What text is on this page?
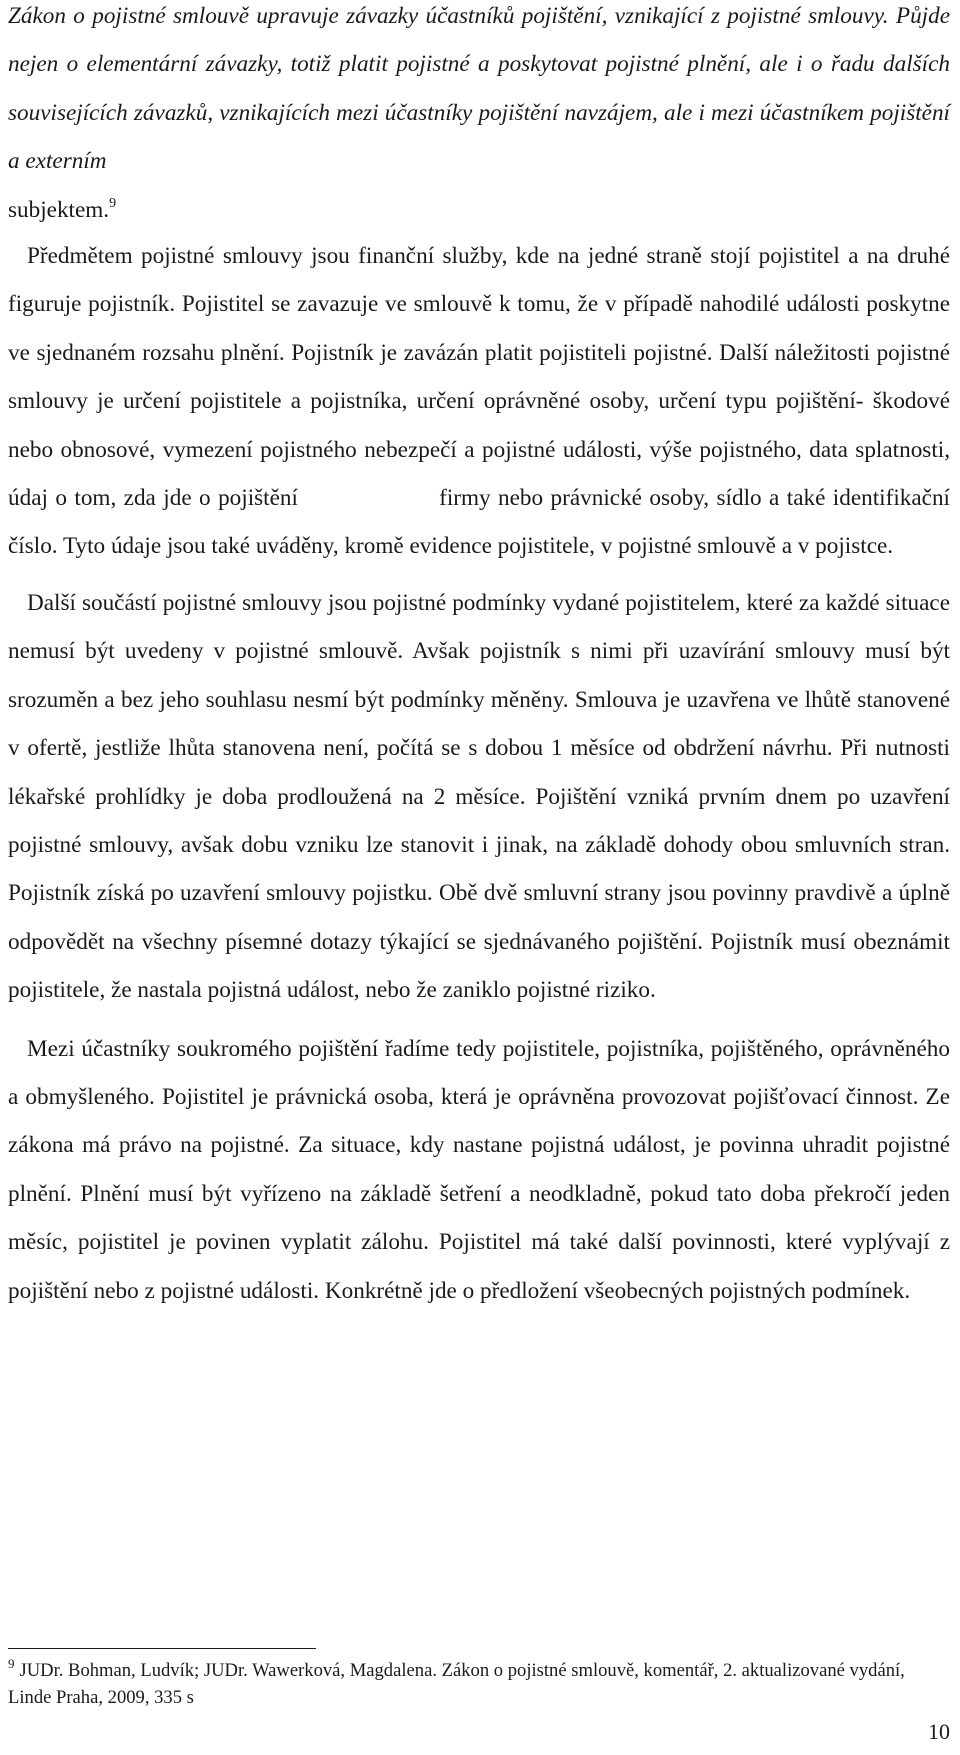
Zákon o pojistné smlouvě upravuje závazky účastníků pojištění, vznikající z pojistné smlouvy. Půjde nejen o elementární závazky, totiž platit pojistné a poskytovat pojistné plnění, ale i o řadu dalších souvisejících závazků, vznikajících mezi účastníky pojištění navzájem, ale i mezi účastníkem pojištění a externím
subjektem.$^9$

Předmětem pojistné smlouvy jsou finanční služby, kde na jedné straně stojí pojistitel a na druhé figuruje pojistník. Pojistitel se zavazuje ve smlouvě k tomu, že v případě nahodilé události poskytne ve sjednaném rozsahu plnění. Pojistník je zavázán platit pojistiteli pojistné. Další náležitosti pojistné smlouvy je určení pojistitele a pojistníka, určení oprávněné osoby, určení typu pojištění- škodové nebo obnosové, vymezení pojistného nebezpečí a pojistné události, výše pojistného, data splatnosti, údaj o tom, zda jde o pojištění                   firmy nebo právnické osoby, sídlo a také identifikační číslo. Tyto údaje jsou také uváděny, kromě evidence pojistitele, v pojistné smlouvě a v pojistce.

Další součástí pojistné smlouvy jsou pojistné podmínky vydané pojistitelem, které za každé situace nemusí být uvedeny v pojistné smlouvě. Avšak pojistník s nimi při uzavírání smlouvy musí být srozuměn a bez jeho souhlasu nesmí být podmínky měněny. Smlouva je uzavřena ve lhůtě stanovené v ofertě, jestliže lhůta stanovena není, počítá se s dobou 1 měsíce od obdržení návrhu. Při nutnosti lékařské prohlídky je doba prodloužená na 2 měsíce. Pojištění vzniká prvním dnem po uzavření pojistné smlouvy, avšak dobu vzniku lze stanovit i jinak, na základě dohody obou smluvních stran. Pojistník získá po uzavření smlouvy pojistku. Obě dvě smluvní strany jsou povinny pravdivě a úplně odpovědět na všechny písemné dotazy týkající se sjednávaného pojištění. Pojistník musí obeznámit pojistitele, že nastala pojistná událost, nebo že zaniklo pojistné riziko.

Mezi účastníky soukromého pojištění řadíme tedy pojistitele, pojistníka, pojištěného, oprávněného a obmyšleného. Pojistitel je právnická osoba, která je oprávněna provozovat pojišťovací činnost. Ze zákona má právo na pojistné. Za situace, kdy nastane pojistná událost, je povinna uhradit pojistné plnění. Plnění musí být vyřízeno na základě šetření a neodkladně, pokud tato doba překročí jeden měsíc, pojistitel je povinen vyplatit zálohu. Pojistitel má také další povinnosti, které vyplývají z pojištění nebo z pojistné události. Konkrétně jde o předložení všeobecných pojistných podmínek.

$^9$ JUDr. Bohman, Ludvík; JUDr. Wawerková, Magdalena. Zákon o pojistné smlouvě, komentář, 2. aktualizované vydání, Linde Praha, 2009, 335 s

10
